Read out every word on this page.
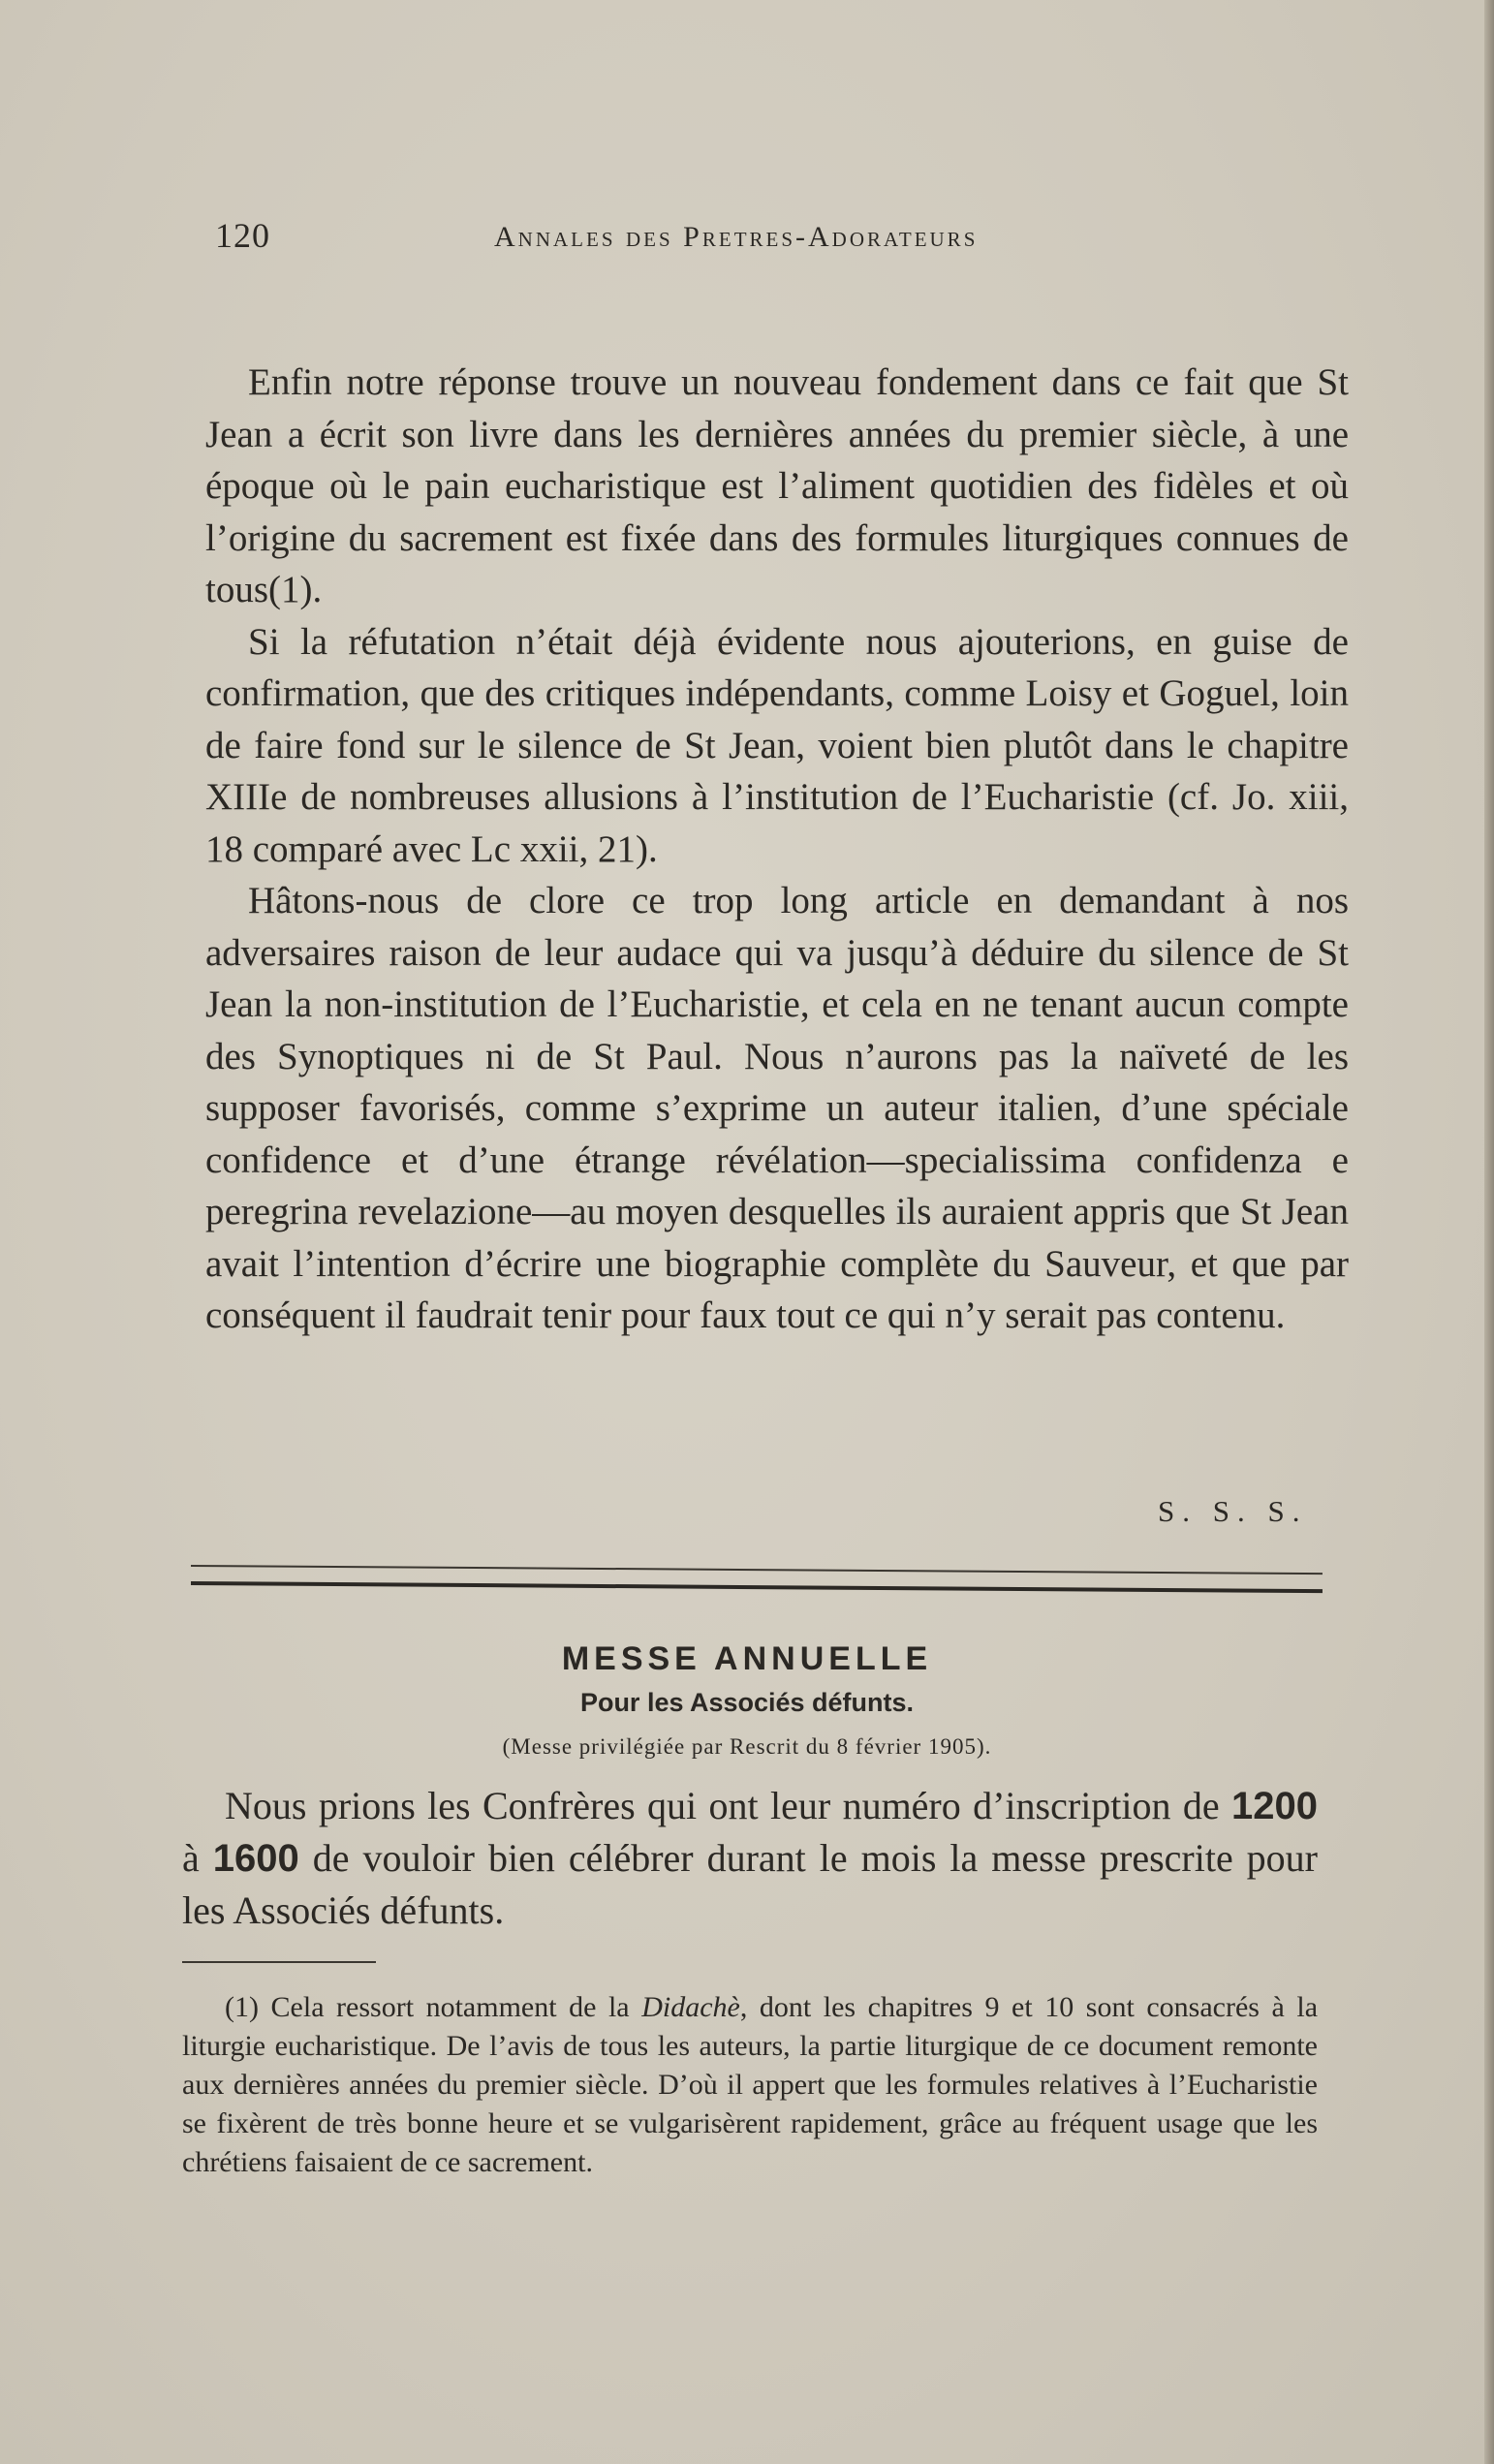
120	Annales des Pretres-Adorateurs

Enfin notre réponse trouve un nouveau fondement dans ce fait que St Jean a écrit son livre dans les dernières années du premier siècle, à une époque où le pain eucharistique est l’aliment quotidien des fidèles et où l’origine du sacrement est fixée dans des formules liturgiques connues de tous(1).

Si la réfutation n’était déjà évidente nous ajouterions, en guise de confirmation, que des critiques indépendants, comme Loisy et Goguel, loin de faire fond sur le silence de St Jean, voient bien plutôt dans le chapitre XIIIe de nombreuses allusions à l’institution de l’Eucharistie (cf. Jo. xiii, 18 comparé avec Lc xxii, 21).

Hâtons-nous de clore ce trop long article en demandant à nos adversaires raison de leur audace qui va jusqu’à déduire du silence de St Jean la non-institution de l’Eucharistie, et cela en ne tenant aucun compte des Synoptiques ni de St Paul. Nous n’aurons pas la naïveté de les supposer favorisés, comme s’exprime un auteur italien, d’une spéciale confidence et d’une étrange révélation—specialissima confidenza e peregrina revelazione—au moyen desquelles ils auraient appris que St Jean avait l’intention d’écrire une biographie complète du Sauveur, et que par conséquent il faudrait tenir pour faux tout ce qui n’y serait pas contenu.

S. S. S.
MESSE ANNUELLE
Pour les Associés défunts.
(Messe privilégiée par Rescrit du 8 février 1905).

Nous prions les Confrères qui ont leur numéro d’inscription de 1200 à 1600 de vouloir bien célébrer durant le mois la messe prescrite pour les Associés défunts.

(1) Cela ressort notamment de la Didachè, dont les chapitres 9 et 10 sont consacrés à la liturgie eucharistique. De l’avis de tous les auteurs, la partie liturgique de ce document remonte aux dernières années du premier siècle. D’où il appert que les formules relatives à l’Eucharistie se fixèrent de très bonne heure et se vulgarisèrent rapidement, grâce au fréquent usage que les chrétiens faisaient de ce sacrement.
